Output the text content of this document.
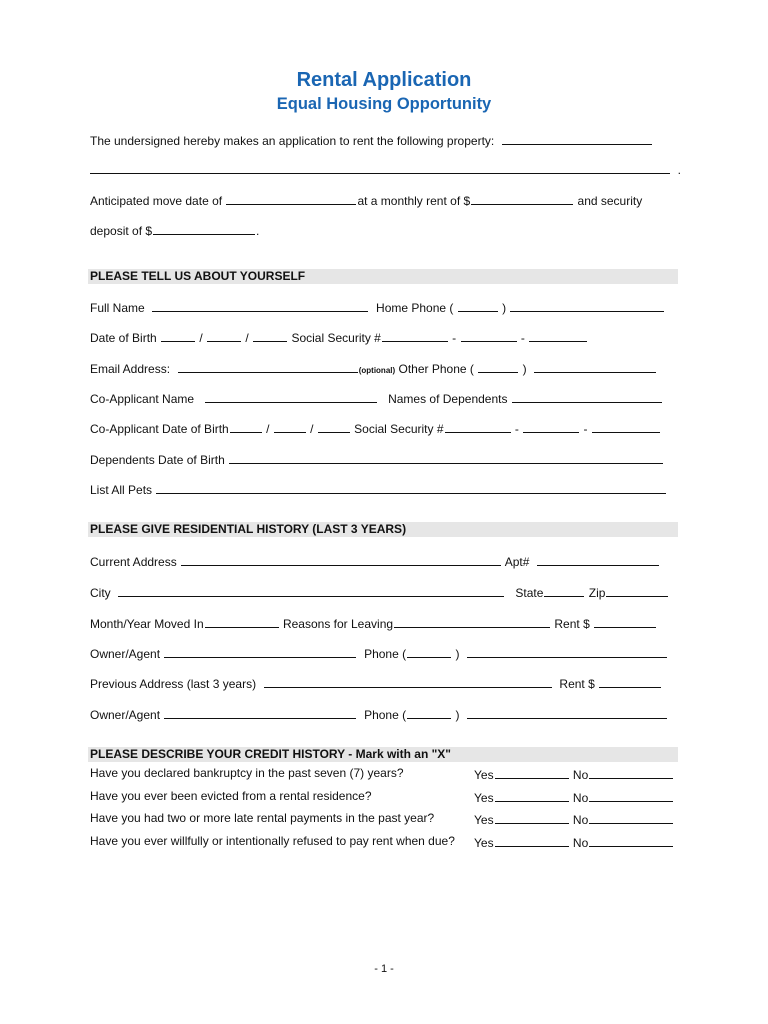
Rental Application
Equal Housing Opportunity
The undersigned hereby makes an application to rent the following property:
.
Anticipated move date of	at a monthly rent of $	and security
deposit of $	.
PLEASE TELL US ABOUT YOURSELF
Full Name	Home Phone (	)
Date of Birth	/	/	Social Security #	-	-
Email Address:	(optional) Other Phone (	)
Co-Applicant Name	Names of Dependents
Co-Applicant Date of Birth	/	/	Social Security #	-	-
Dependents Date of Birth
List All Pets
PLEASE GIVE RESIDENTIAL HISTORY (LAST 3 YEARS)
Current Address	Apt#
City	State	Zip
Month/Year Moved In	Reasons for Leaving	Rent $
Owner/Agent	Phone (	)
Previous Address (last 3 years)	Rent $
Owner/Agent	Phone (	)
PLEASE DESCRIBE YOUR CREDIT HISTORY - Mark with an "X"
Have you declared bankruptcy in the past seven (7) years?	Yes	No
Have you ever been evicted from a rental residence?	Yes	No
Have you had two or more late rental payments in the past year?	Yes	No
Have you ever willfully or intentionally refused to pay rent when due? Yes	No
- 1 -
